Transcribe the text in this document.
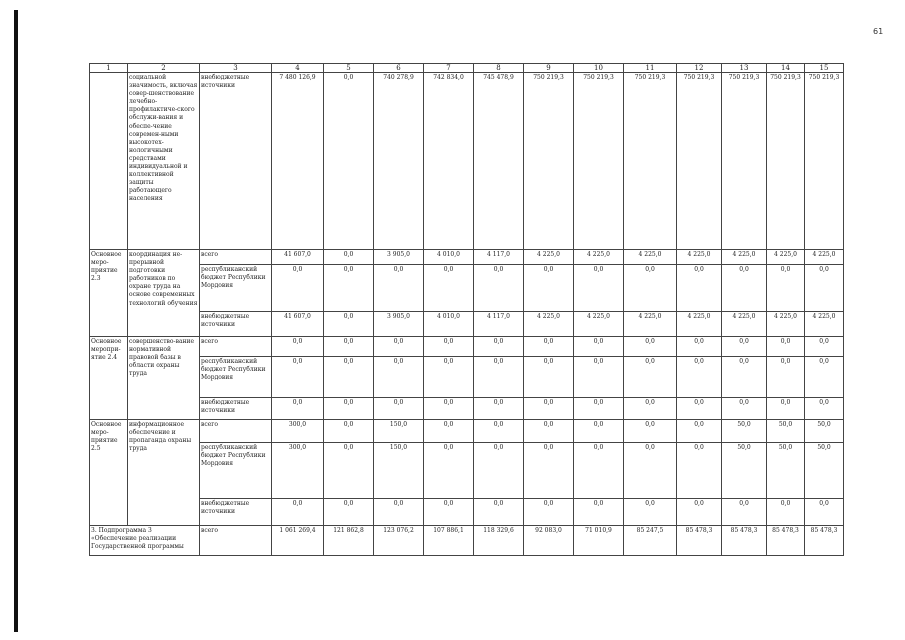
61
1	2	3	4	5	6	7	8	9	10	11	12	13	14	15
	социальной значимость, включая совер-шенствование лечебно-профилактиче-ского обслужи-вания и обеспе-чение современ-ными высокотех-нологичными средствами индивидуальной и коллективной защиты работающего населения	внебюджетные источники	7 480 126,9	0,0	740 278,9	742 834,0	745 478,9	750 219,3	750 219,3	750 219,3	750 219,3	750 219,3	750 219,3	750 219,3
Основное меро-приятие 2.3	координация не-прерывной подготовки работников по охране труда на основе современных технологий обучения	всего	41 607,0	0,0	3 905,0	4 010,0	4 117,0	4 225,0	4 225,0	4 225,0	4 225,0	4 225,0	4 225,0	4 225,0
		республиканский бюджет Республики Мордовия	0,0	0,0	0,0	0,0	0,0	0,0	0,0	0,0	0,0	0,0	0,0	0,0
		внебюджетные источники	41 607,0	0,0	3 905,0	4 010,0	4 117,0	4 225,0	4 225,0	4 225,0	4 225,0	4 225,0	4 225,0	4 225,0
Основное меропри-ятие 2.4	совершенство-вание нормативной правовой базы в области охраны труда	всего	0,0	0,0	0,0	0,0	0,0	0,0	0,0	0,0	0,0	0,0	0,0	0,0
		республиканский бюджет Республики Мордовия	0,0	0,0	0,0	0,0	0,0	0,0	0,0	0,0	0,0	0,0	0,0	0,0
		внебюджетные источники	0,0	0,0	0,0	0,0	0,0	0,0	0,0	0,0	0,0	0,0	0,0	0,0
Основное меро-приятие 2.5	информационное обеспечение и пропаганда охраны труда	всего	300,0	0,0	150,0	0,0	0,0	0,0	0,0	0,0	0,0	50,0	50,0	50,0
		республиканский бюджет Республики Мордовия	300,0	0,0	150,0	0,0	0,0	0,0	0,0	0,0	0,0	50,0	50,0	50,0
		внебюджетные источники	0,0	0,0	0,0	0,0	0,0	0,0	0,0	0,0	0,0	0,0	0,0	0,0
3. Подпрограмма 3 «Обеспечение реализации Государственной программы		всего	1 061 269,4	121 862,8	123 076,2	107 886,1	118 329,6	92 083,0	71 010,9	85 247,5	85 478,3	85 478,3	85 478,3	85 478,3
